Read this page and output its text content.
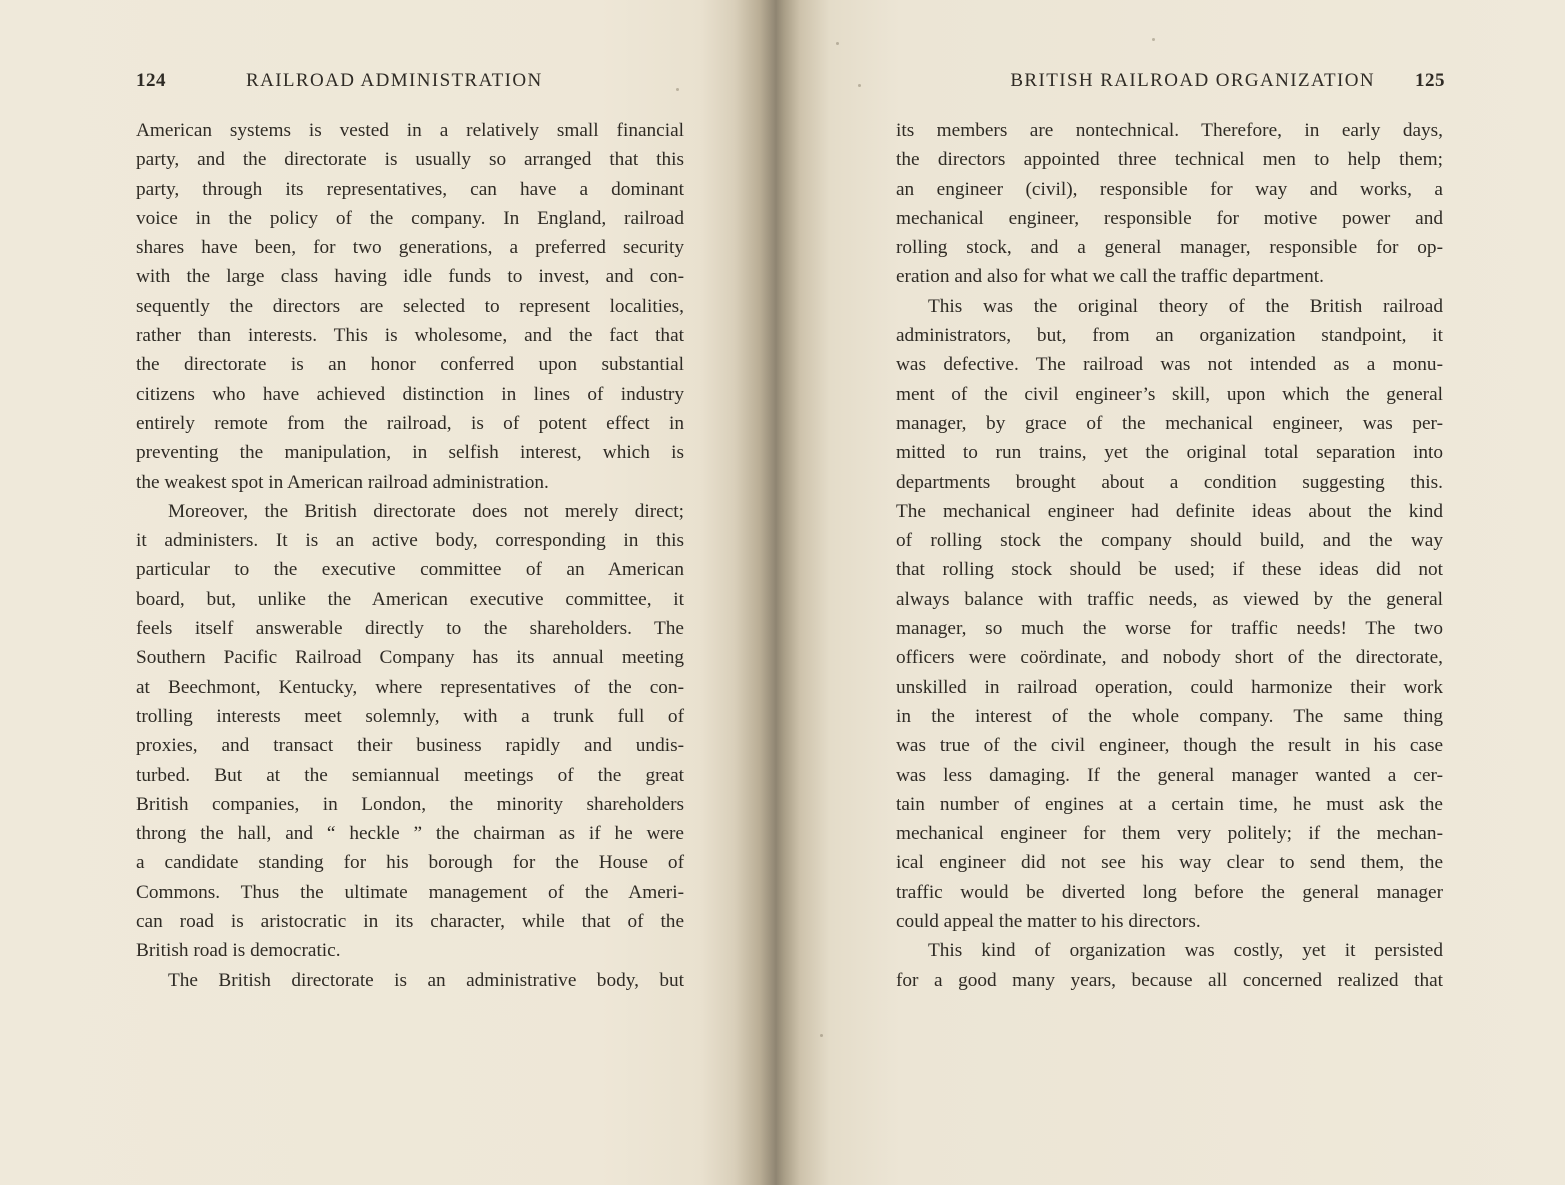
124	RAILROAD ADMINISTRATION
American systems is vested in a relatively small financial
party, and the directorate is usually so arranged that this
party, through its representatives, can have a dominant
voice in the policy of the company. In England, railroad
shares have been, for two generations, a preferred security
with the large class having idle funds to invest, and con-
sequently the directors are selected to represent localities,
rather than interests. This is wholesome, and the fact that
the directorate is an honor conferred upon substantial
citizens who have achieved distinction in lines of industry
entirely remote from the railroad, is of potent effect in
preventing the manipulation, in selfish interest, which is
the weakest spot in American railroad administration.
Moreover, the British directorate does not merely direct;
it administers. It is an active body, corresponding in this
particular to the executive committee of an American
board, but, unlike the American executive committee, it
feels itself answerable directly to the shareholders. The
Southern Pacific Railroad Company has its annual meeting
at Beechmont, Kentucky, where representatives of the con-
trolling interests meet solemnly, with a trunk full of
proxies, and transact their business rapidly and undis-
turbed. But at the semiannual meetings of the great
British companies, in London, the minority shareholders
throng the hall, and “ heckle ” the chairman as if he were
a candidate standing for his borough for the House of
Commons. Thus the ultimate management of the Ameri-
can road is aristocratic in its character, while that of the
British road is democratic.
The British directorate is an administrative body, but
BRITISH RAILROAD ORGANIZATION 125
its members are nontechnical. Therefore, in early days,
the directors appointed three technical men to help them;
an engineer (civil), responsible for way and works, a
mechanical engineer, responsible for motive power and
rolling stock, and a general manager, responsible for op-
eration and also for what we call the traffic department.
This was the original theory of the British railroad
administrators, but, from an organization standpoint, it
was defective. The railroad was not intended as a monu-
ment of the civil engineer’s skill, upon which the general
manager, by grace of the mechanical engineer, was per-
mitted to run trains, yet the original total separation into
departments brought about a condition suggesting this.
The mechanical engineer had definite ideas about the kind
of rolling stock the company should build, and the way
that rolling stock should be used; if these ideas did not
always balance with traffic needs, as viewed by the general
manager, so much the worse for traffic needs! The two
officers were coördinate, and nobody short of the directorate,
unskilled in railroad operation, could harmonize their work
in the interest of the whole company. The same thing
was true of the civil engineer, though the result in his case
was less damaging. If the general manager wanted a cer-
tain number of engines at a certain time, he must ask the
mechanical engineer for them very politely; if the mechan-
ical engineer did not see his way clear to send them, the
traffic would be diverted long before the general manager
could appeal the matter to his directors.
This kind of organization was costly, yet it persisted
for a good many years, because all concerned realized that
